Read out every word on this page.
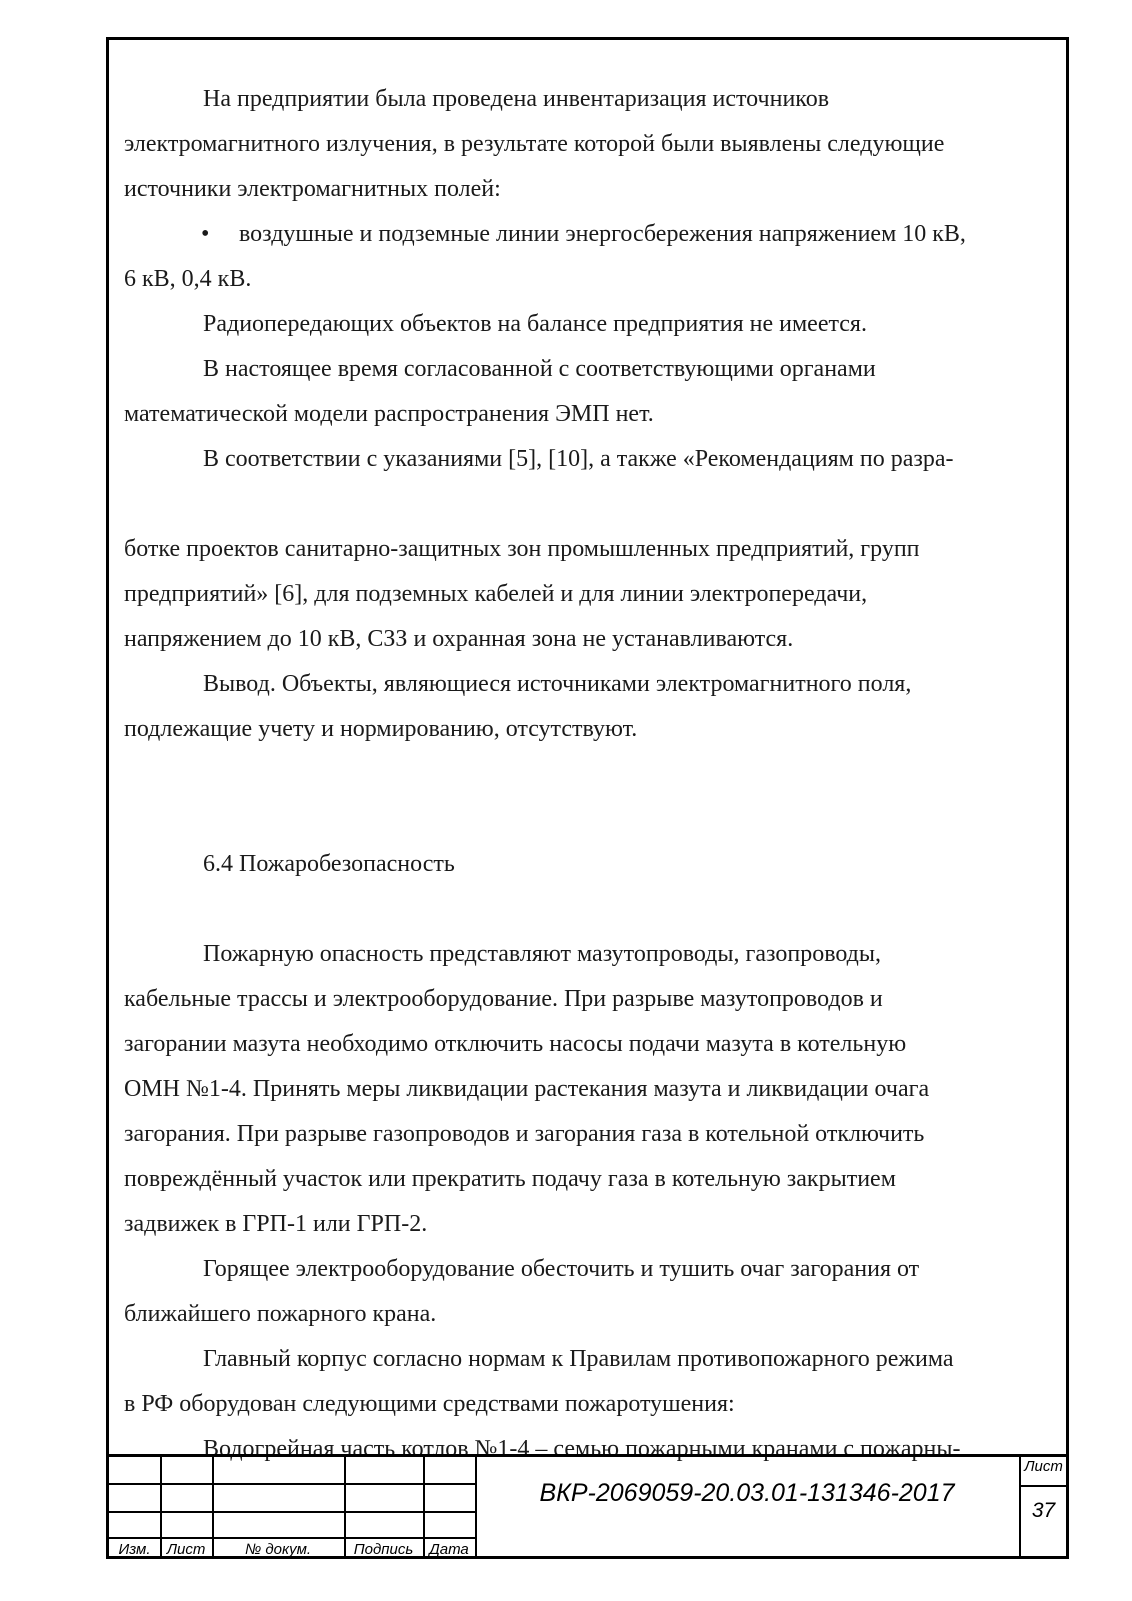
На предприятии была проведена инвентаризация источников
электромагнитного излучения, в результате которой были выявлены следующие
источники электромагнитных полей:
• воздушные и подземные линии энергосбережения напряжением 10 кВ,
6 кВ, 0,4 кВ.
Радиопередающих объектов на балансе предприятия не имеется.
В настоящее время согласованной с соответствующими органами
математической модели распространения ЭМП нет.
В соответствии с указаниями [5], [10], а также «Рекомендациям по разра-
ботке проектов санитарно-защитных зон промышленных предприятий, групп
предприятий» [6], для подземных кабелей и для линии электропередачи,
напряжением до 10 кВ, СЗЗ и охранная зона не устанавливаются.
Вывод. Объекты, являющиеся источниками электромагнитного поля,
подлежащие учету и нормированию, отсутствуют.
6.4 Пожаробезопасность
Пожарную опасность представляют мазутопроводы, газопроводы,
кабельные трассы и электрооборудование. При разрыве мазутопроводов и
загорании мазута необходимо отключить насосы подачи мазута в котельную
ОМН №1-4. Принять меры ликвидации растекания мазута и ликвидации очага
загорания. При разрыве газопроводов и загорания газа в котельной отключить
повреждённый участок или прекратить подачу газа в котельную закрытием
задвижек в ГРП-1 или ГРП-2.
Горящее электрооборудование обесточить и тушить очаг загорания от
ближайшего пожарного крана.
Главный корпус согласно нормам к Правилам противопожарного режима
в РФ оборудован следующими средствами пожаротушения:
Водогрейная часть котлов №1-4 – семью пожарными кранами с пожарны-
Изм.	Лист	№ докум.	Подпись	Дата
ВКР-2069059-20.03.01-131346-2017
Лист
37
